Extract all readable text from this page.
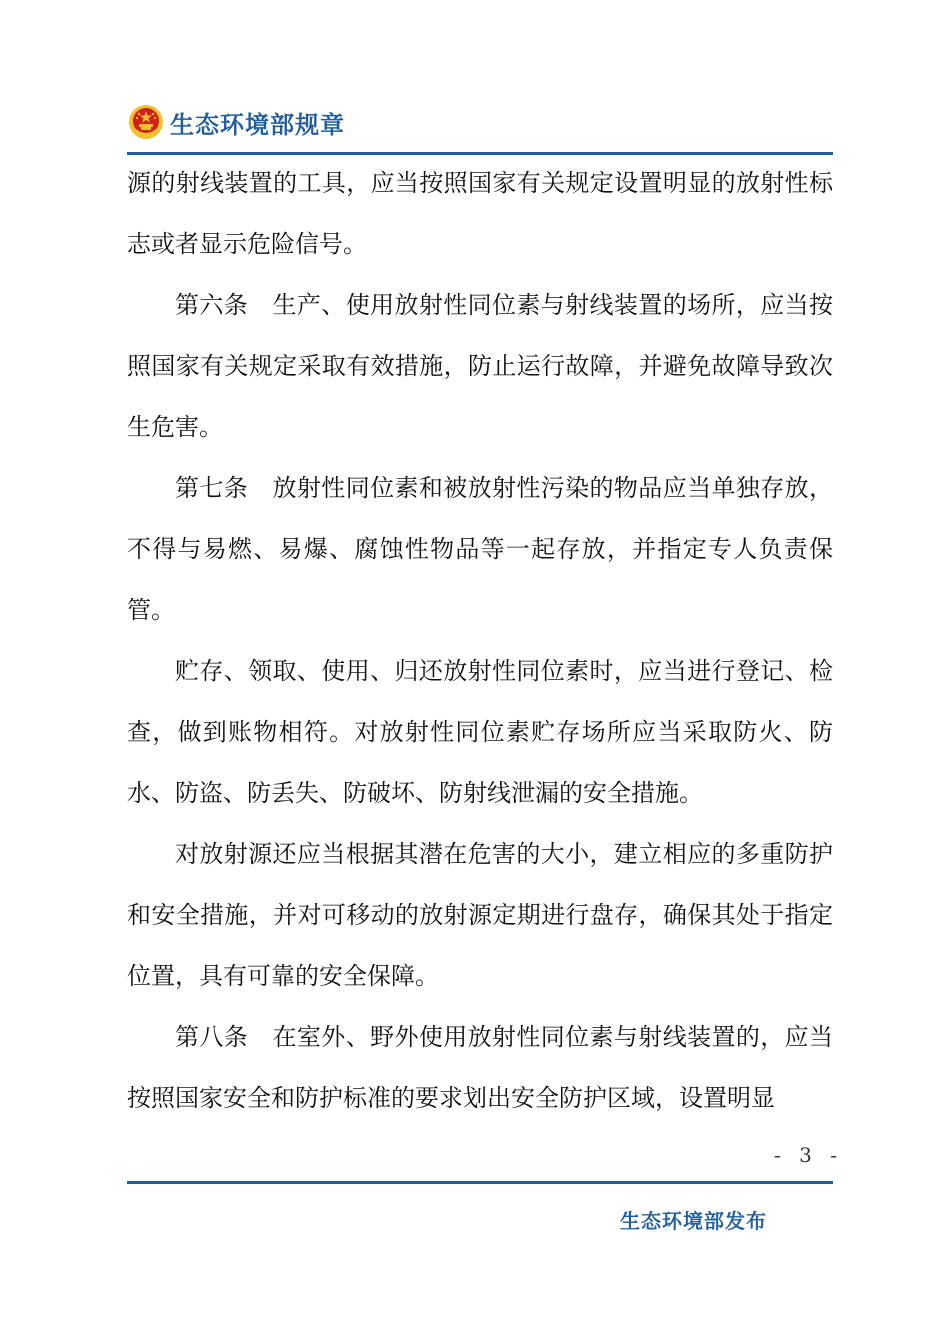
生态环境部规章

源的射线装置的工具，应当按照国家有关规定设置明显的放射性标志或者显示危险信号。

第六条　生产、使用放射性同位素与射线装置的场所，应当按照国家有关规定采取有效措施，防止运行故障，并避免故障导致次生危害。

第七条　放射性同位素和被放射性污染的物品应当单独存放，不得与易燃、易爆、腐蚀性物品等一起存放，并指定专人负责保管。

贮存、领取、使用、归还放射性同位素时，应当进行登记、检查，做到账物相符。对放射性同位素贮存场所应当采取防火、防水、防盗、防丢失、防破坏、防射线泄漏的安全措施。

对放射源还应当根据其潜在危害的大小，建立相应的多重防护和安全措施，并对可移动的放射源定期进行盘存，确保其处于指定位置，具有可靠的安全保障。

第八条　在室外、野外使用放射性同位素与射线装置的，应当按照国家安全和防护标准的要求划出安全防护区域，设置明显

- 3 -
生态环境部发布
